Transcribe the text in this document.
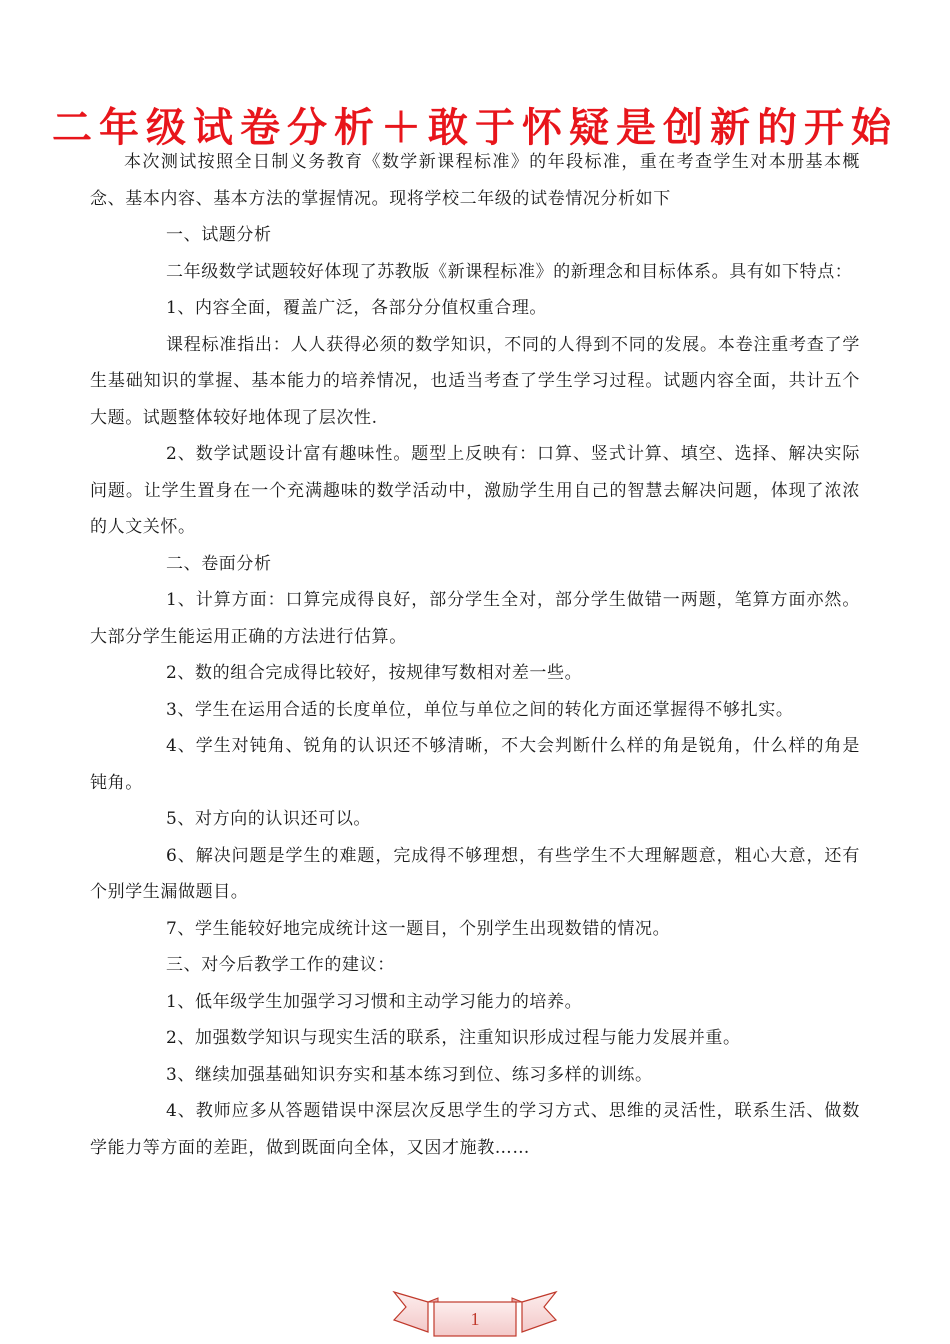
二年级试卷分析＋敢于怀疑是创新的开始

本次测试按照全日制义务教育《数学新课程标准》的年段标准，重在考查学生对本册基本概念、基本内容、基本方法的掌握情况。现将学校二年级的试卷情况分析如下

一、试题分析

二年级数学试题较好体现了苏教版《新课程标准》的新理念和目标体系。具有如下特点：

1、内容全面，覆盖广泛，各部分分值权重合理。

课程标准指出：人人获得必须的数学知识，不同的人得到不同的发展。本卷注重考查了学生基础知识的掌握、基本能力的培养情况，也适当考查了学生学习过程。试题内容全面，共计五个大题。试题整体较好地体现了层次性.

2、数学试题设计富有趣味性。题型上反映有：口算、竖式计算、填空、选择、解决实际问题。让学生置身在一个充满趣味的数学活动中，激励学生用自己的智慧去解决问题，体现了浓浓的人文关怀。

二、卷面分析

1、计算方面：口算完成得良好，部分学生全对，部分学生做错一两题，笔算方面亦然。大部分学生能运用正确的方法进行估算。

2、数的组合完成得比较好，按规律写数相对差一些。

3、学生在运用合适的长度单位，单位与单位之间的转化方面还掌握得不够扎实。

4、学生对钝角、锐角的认识还不够清晰，不大会判断什么样的角是锐角，什么样的角是钝角。

5、对方向的认识还可以。

6、解决问题是学生的难题，完成得不够理想，有些学生不大理解题意，粗心大意，还有个别学生漏做题目。

7、学生能较好地完成统计这一题目，个别学生出现数错的情况。

三、对今后教学工作的建议：

1、低年级学生加强学习习惯和主动学习能力的培养。

2、加强数学知识与现实生活的联系，注重知识形成过程与能力发展并重。

3、继续加强基础知识夯实和基本练习到位、练习多样的训练。

4、教师应多从答题错误中深层次反思学生的学习方式、思维的灵活性，联系生活、做数学能力等方面的差距，做到既面向全体，又因才施教……

1
